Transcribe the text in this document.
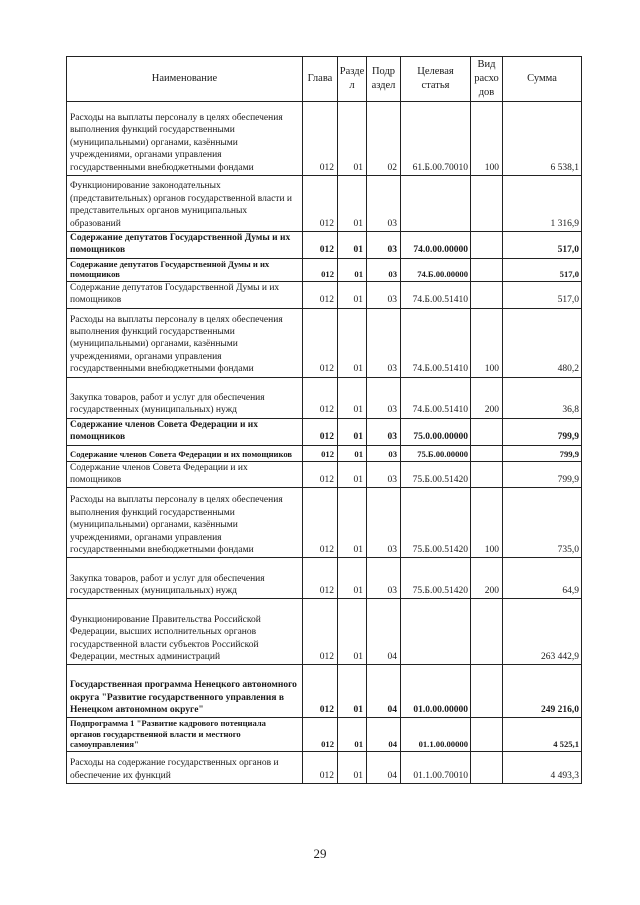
Наименование	Глава	Разде л	Подр аздел	Целевая статья	Вид расхо дов	Сумма
Расходы на выплаты персоналу в целях обеспечения выполнения функций государственными (муниципальными) органами, казёнными учреждениями, органами управления государственными внебюджетными фондами	012	01	02	61.Б.00.70010	100	6 538,1
Функционирование законодательных (представительных) органов государственной власти и представительных органов муниципальных образований	012	01	03			1 316,9
Содержание депутатов Государственной Думы и их помощников	012	01	03	74.0.00.00000		517,0
Содержание депутатов Государственной Думы и их помощников	012	01	03	74.Б.00.00000		517,0
Содержание депутатов Государственной Думы и их помощников	012	01	03	74.Б.00.51410		517,0
Расходы на выплаты персоналу в целях обеспечения выполнения функций государственными (муниципальными) органами, казёнными учреждениями, органами управления государственными внебюджетными фондами	012	01	03	74.Б.00.51410	100	480,2
Закупка товаров, работ и услуг для обеспечения государственных (муниципальных) нужд	012	01	03	74.Б.00.51410	200	36,8
Содержание членов Совета Федерации и их помощников	012	01	03	75.0.00.00000		799,9
Содержание членов Совета Федерации и их помощников	012	01	03	75.Б.00.00000		799,9
Содержание членов Совета Федерации и их помощников	012	01	03	75.Б.00.51420		799,9
Расходы на выплаты персоналу в целях обеспечения выполнения функций государственными (муниципальными) органами, казёнными учреждениями, органами управления государственными внебюджетными фондами	012	01	03	75.Б.00.51420	100	735,0
Закупка товаров, работ и услуг для обеспечения государственных (муниципальных) нужд	012	01	03	75.Б.00.51420	200	64,9
Функционирование Правительства Российской Федерации, высших исполнительных органов государственной власти субъектов Российской Федерации, местных администраций	012	01	04			263 442,9
Государственная программа Ненецкого автономного округа "Развитие государственного управления в Ненецком автономном округе"	012	01	04	01.0.00.00000		249 216,0
Подпрограмма 1 "Развитие кадрового потенциала органов государственной власти и местного самоуправления"	012	01	04	01.1.00.00000		4 525,1
Расходы на содержание государственных органов и обеспечение их функций	012	01	04	01.1.00.70010		4 493,3
29
